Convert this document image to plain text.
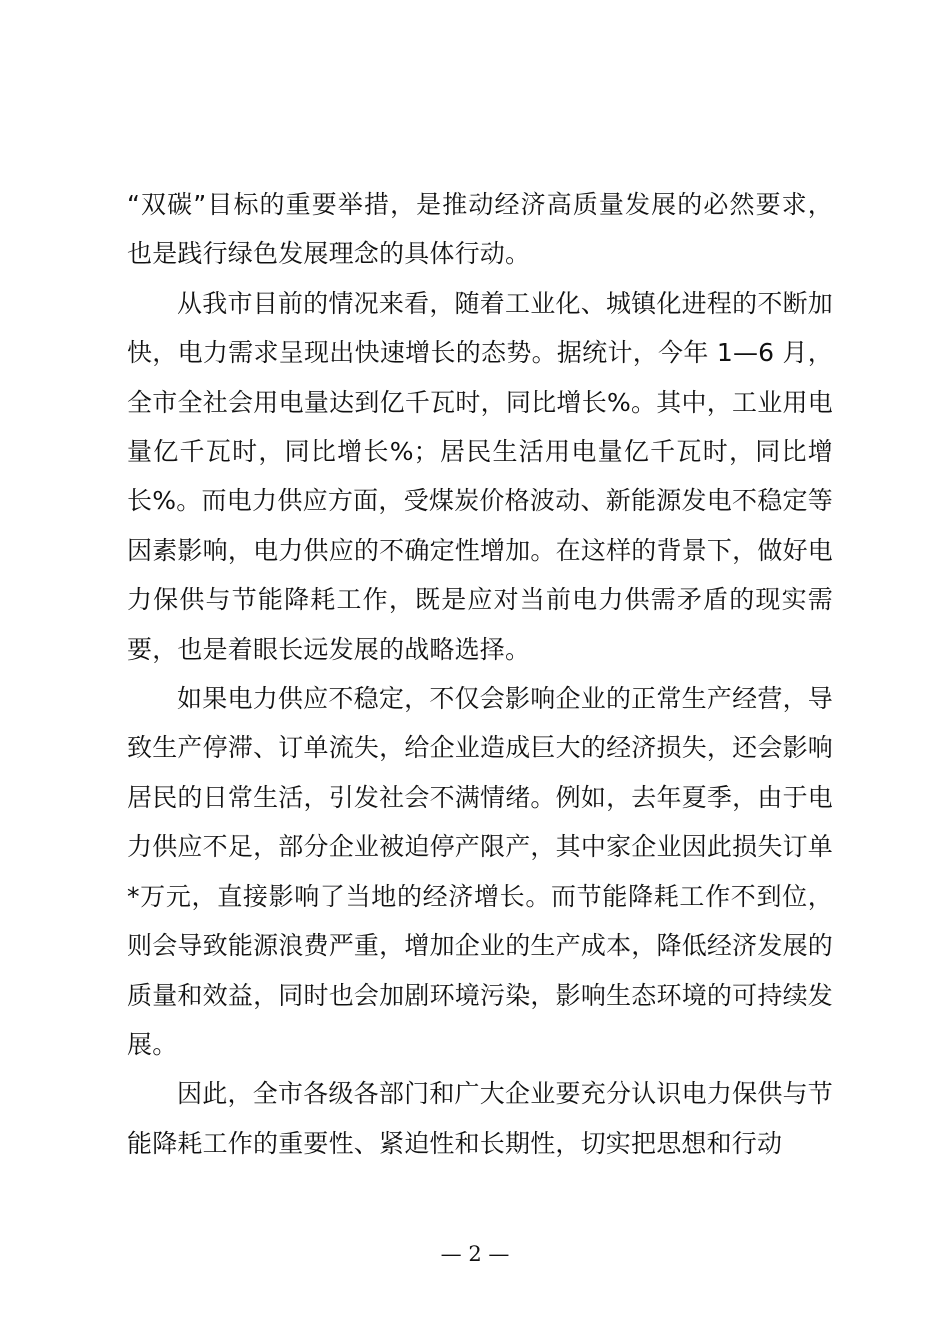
“双碳”目标的重要举措，是推动经济高质量发展的必然要求，也是践行绿色发展理念的具体行动。

从我市目前的情况来看，随着工业化、城镇化进程的不断加快，电力需求呈现出快速增长的态势。据统计，今年 1—6 月，全市全社会用电量达到亿千瓦时，同比增长%。其中，工业用电量亿千瓦时，同比增长%；居民生活用电量亿千瓦时，同比增长%。而电力供应方面，受煤炭价格波动、新能源发电不稳定等因素影响，电力供应的不确定性增加。在这样的背景下，做好电力保供与节能降耗工作，既是应对当前电力供需矛盾的现实需要，也是着眼长远发展的战略选择。

如果电力供应不稳定，不仅会影响企业的正常生产经营，导致生产停滞、订单流失，给企业造成巨大的经济损失，还会影响居民的日常生活，引发社会不满情绪。例如，去年夏季，由于电力供应不足，部分企业被迫停产限产，其中家企业因此损失订单*万元，直接影响了当地的经济增长。而节能降耗工作不到位，则会导致能源浪费严重，增加企业的生产成本，降低经济发展的质量和效益，同时也会加剧环境污染，影响生态环境的可持续发展。

因此，全市各级各部门和广大企业要充分认识电力保供与节能降耗工作的重要性、紧迫性和长期性，切实把思想和行动

— 2 —
